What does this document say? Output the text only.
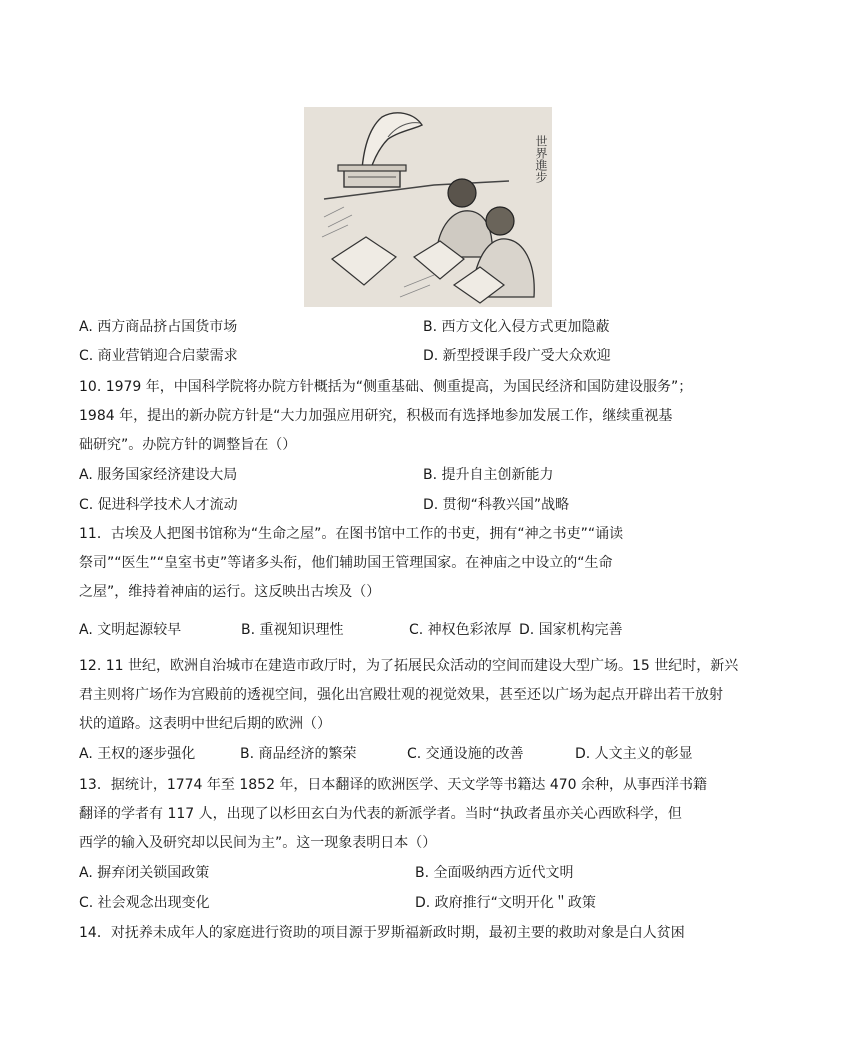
世界進步
A. 西方商品挤占国货市场	B. 西方文化入侵方式更加隐蔽
C. 商业营销迎合启蒙需求	D. 新型授课手段广受大众欢迎
10. 1979 年，中国科学院将办院方针概括为“侧重基础、侧重提高，为国民经济和国防建设服务”；
1984 年，提出的新办院方针是“大力加强应用研究，积极而有选择地参加发展工作，继续重视基
础研究”。办院方针的调整旨在（）
A. 服务国家经济建设大局	B. 提升自主创新能力
C. 促进科学技术人才流动	D. 贯彻“科教兴国”战略
11．古埃及人把图书馆称为“生命之屋”。在图书馆中工作的书吏，拥有“神之书吏”“诵读
祭司”“医生”“皇室书吏”等诸多头衔，他们辅助国王管理国家。在神庙之中设立的“生命
之屋”，维持着神庙的运行。这反映出古埃及（）
A. 文明起源较早	B. 重视知识理性	C. 神权色彩浓厚 D. 国家机构完善
12. 11 世纪，欧洲自治城市在建造市政厅时，为了拓展民众活动的空间而建设大型广场。15 世纪时，新兴
君主则将广场作为宫殿前的透视空间，强化出宫殿壮观的视觉效果，甚至还以广场为起点开辟出若干放射
状的道路。这表明中世纪后期的欧洲（）
A. 王权的逐步强化	B. 商品经济的繁荣	C. 交通设施的改善	D. 人文主义的彰显
13．据统计，1774 年至 1852 年，日本翻译的欧洲医学、天文学等书籍达 470 余种，从事西洋书籍
翻译的学者有 117 人，出现了以杉田玄白为代表的新派学者。当时“执政者虽亦关心西欧科学，但
西学的输入及研究却以民间为主”。这一现象表明日本（）
A. 摒弃闭关锁国政策	B. 全面吸纳西方近代文明
C. 社会观念出现变化	D. 政府推行“文明开化＂政策
14．对抚养未成年人的家庭进行资助的项目源于罗斯福新政时期，最初主要的救助对象是白人贫困
